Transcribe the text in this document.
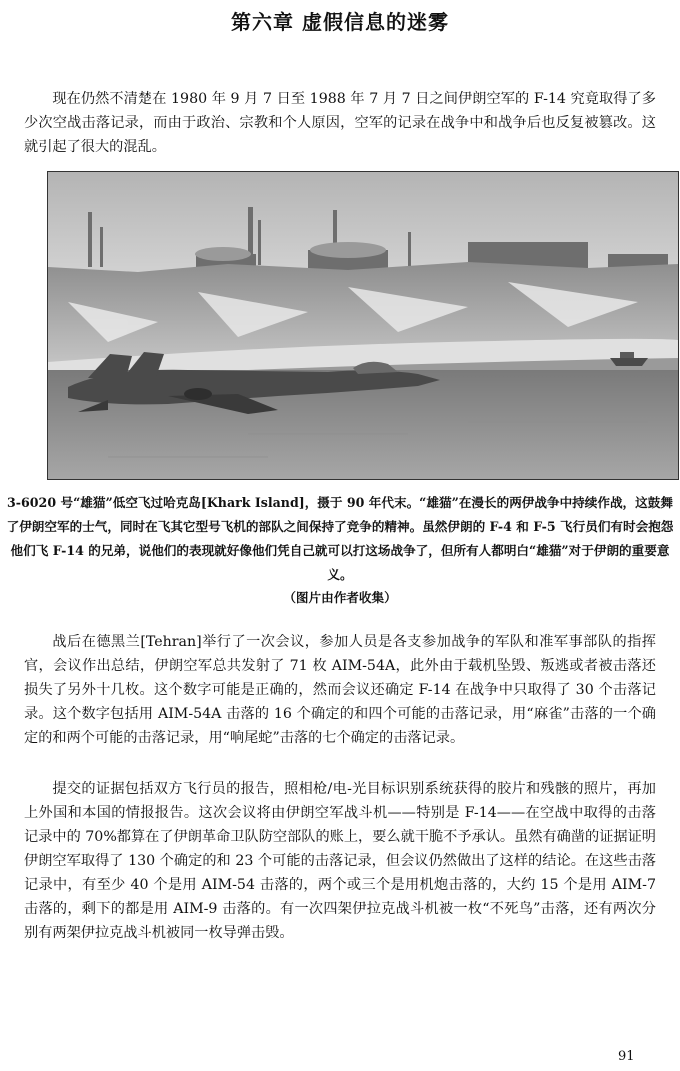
第六章 虚假信息的迷雾

现在仍然不清楚在 1980 年 9 月 7 日至 1988 年 7 月 7 日之间伊朗空军的 F-14 究竟取得了多少次空战击落记录，而由于政治、宗教和个人原因，空军的记录在战争中和战争后也反复被篡改。这就引起了很大的混乱。

3-6020 号“雄猫”低空飞过哈克岛[Khark Island]，摄于 90 年代末。“雄猫”在漫长的两伊战争中持续作战，这鼓舞了伊朗空军的士气，同时在飞其它型号飞机的部队之间保持了竞争的精神。虽然伊朗的 F-4 和 F-5 飞行员们有时会抱怨他们飞 F-14 的兄弟，说他们的表现就好像他们凭自己就可以打这场战争了，但所有人都明白“雄猫”对于伊朗的重要意义。

（图片由作者收集）

战后在德黑兰[Tehran]举行了一次会议，参加人员是各支参加战争的军队和准军事部队的指挥官，会议作出总结，伊朗空军总共发射了 71 枚 AIM-54A，此外由于载机坠毁、叛逃或者被击落还损失了另外十几枚。这个数字可能是正确的，然而会议还确定 F-14 在战争中只取得了 30 个击落记录。这个数字包括用 AIM-54A 击落的 16 个确定的和四个可能的击落记录，用“麻雀”击落的一个确定的和两个可能的击落记录，用“响尾蛇”击落的七个确定的击落记录。

提交的证据包括双方飞行员的报告，照相枪/电-光目标识别系统获得的胶片和残骸的照片，再加上外国和本国的情报报告。这次会议将由伊朗空军战斗机——特别是 F-14——在空战中取得的击落记录中的 70%都算在了伊朗革命卫队防空部队的账上，要么就干脆不予承认。虽然有确凿的证据证明伊朗空军取得了 130 个确定的和 23 个可能的击落记录，但会议仍然做出了这样的结论。在这些击落记录中，有至少 40 个是用 AIM-54 击落的，两个或三个是用机炮击落的，大约 15 个是用 AIM-7 击落的，剩下的都是用 AIM-9 击落的。有一次四架伊拉克战斗机被一枚“不死鸟”击落，还有两次分别有两架伊拉克战斗机被同一枚导弹击毁。

91
